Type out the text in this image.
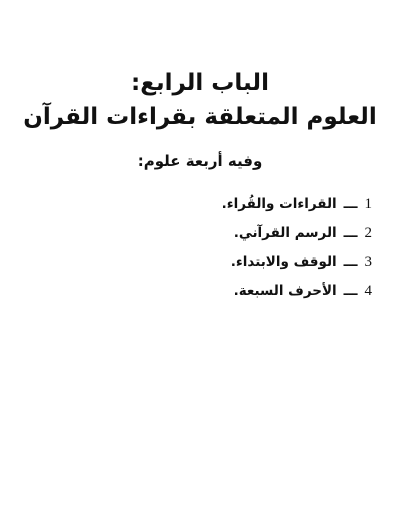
الباب الرابع:
العلوم المتعلقة بقراءات القرآن
وفيه أربعة علوم:
1
ـــ
القراءات والقُراء.
2
ـــ
الرسم القرآني.
3
ـــ
الوقف والابتداء.
4
ـــ
الأحرف السبعة.
